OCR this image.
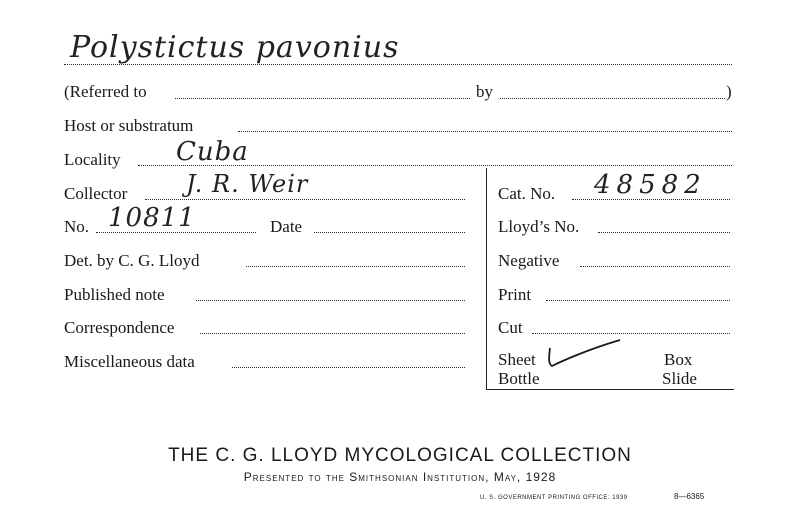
Polystictus pavonius
(Referred to	by	)
Host or substratum
Locality Cuba
Collector J. R. Weir	Cat. No. 48582
No. 10811	Date	Lloyd’s No.
Det. by C. G. Lloyd	Negative
Published note	Print
Correspondence	Cut
Miscellaneous data	Sheet	Box
Bottle	Slide
THE C. G. LLOYD MYCOLOGICAL COLLECTION
Presented to the Smithsonian Institution, May, 1928
U. S. GOVERNMENT PRINTING OFFICE: 1939	8—6365
